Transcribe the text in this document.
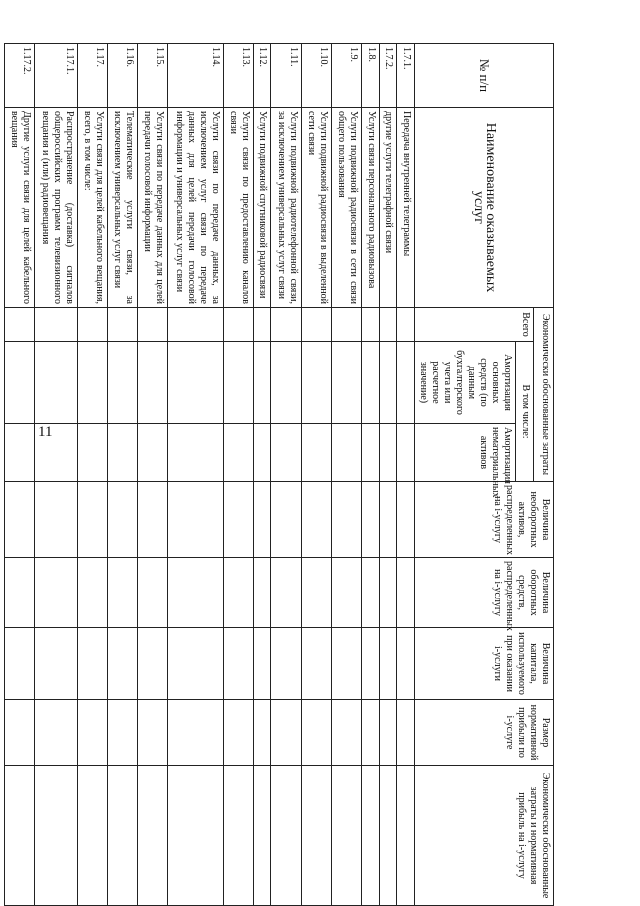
11
№ п/п	Наименование оказываемых услуг	Экономически обоснованные затраты			Величина необоротных активов, распределенных на i-услугу	Величина оборотных средств, распределенных на i-услугу	Величина капитала, используемого при оказании i-услуги	Размер нормативной прибыли по i-услуге	Экономически обоснованные затраты и нормативная прибыль на i-услугу
		Всего	В том числе:						
			Амортизация основных средств (по данным бухгалтерского учета или расчетное значение)	Амортизация нематериальных активов					
1.7.1.	Передача внутренней телеграммы								
1.7.2.	другие услуги телеграфной связи								
1.8.	Услуги связи персонального радиовызова								
1.9.	Услуги подвижной радиосвязи в сети связи общего пользования								
1.10.	Услуги подвижной радиосвязи в выделенной сети связи								
1.11.	Услуги подвижной радиотелефонной связи, за исключением универсальных услуг связи								
1.12.	Услуги подвижной спутниковой радиосвязи								
1.13.	Услуги связи по предоставлению каналов связи								
1.14.	Услуги связи по передаче данных, за исключением услуг связи по передаче данных для целей передачи голосовой информации и универсальных услуг связи								
1.15.	Услуги связи по передаче данных для целей передачи голосовой информации								
1.16.	Телематические услуги связи, за исключением универсальных услуг связи								
1.17.	Услуги связи для целей кабельного вещания, всего, в том числе:								
1.17.1.	Распространение (доставка) сигналов общероссийских программ телевизионного вещания и (или) радиовещания								
1.17.2.	Другие услуги связи для целей кабельного вещания								
